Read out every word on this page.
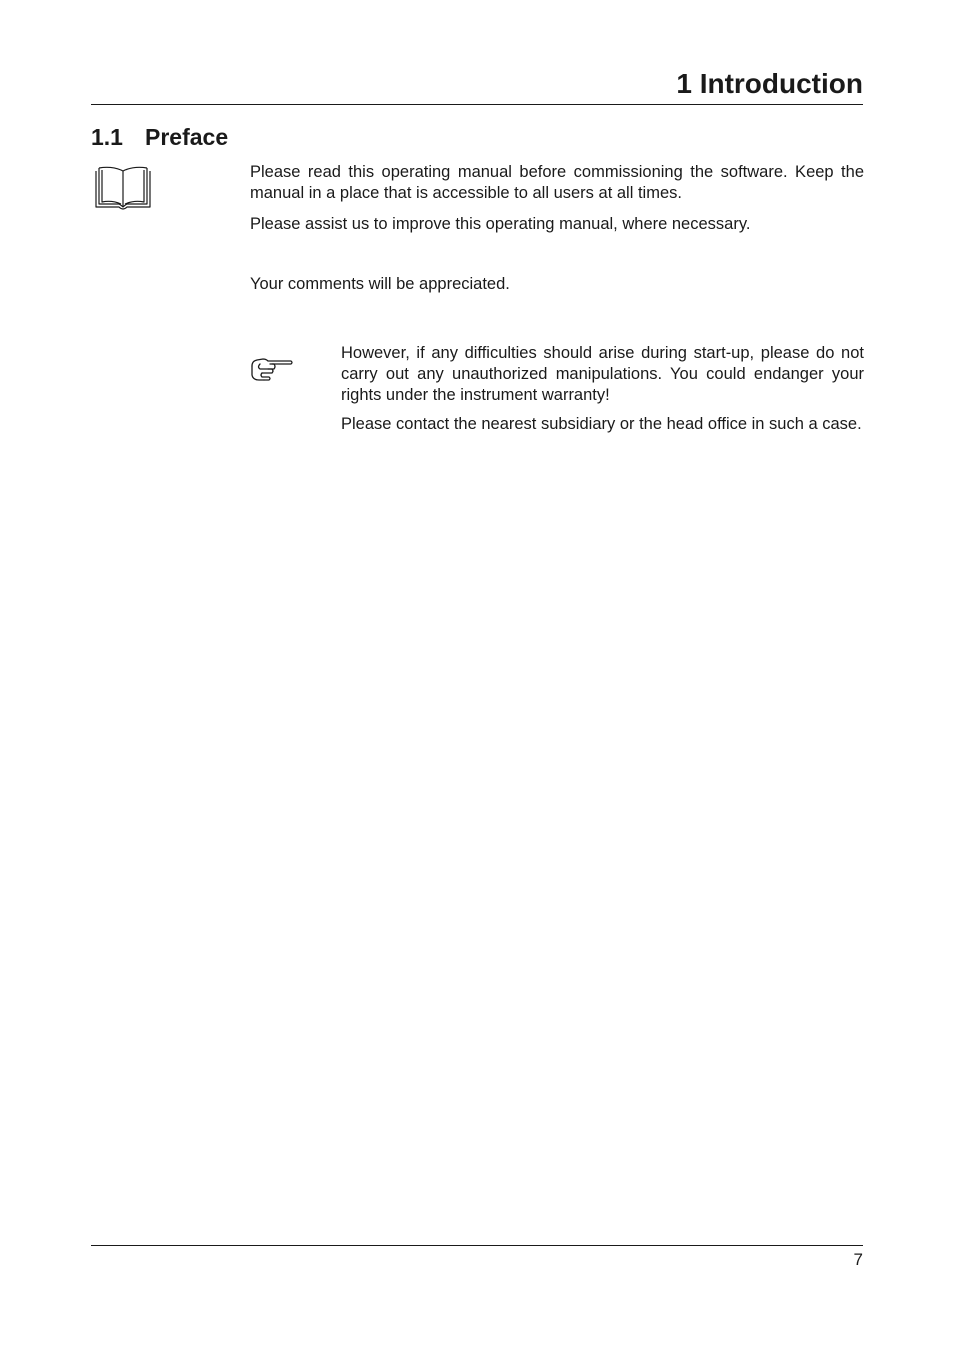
1 Introduction
1.1 Preface

Please read this operating manual before commissioning the software. Keep the manual in a place that is accessible to all users at all times.

Please assist us to improve this operating manual, where necessary.

Your comments will be appreciated.

However, if any difficulties should arise during start-up, please do not carry out any unauthorized manipulations. You could endanger your rights under the instrument warranty!

Please contact the nearest subsidiary or the head office in such a case.

7
